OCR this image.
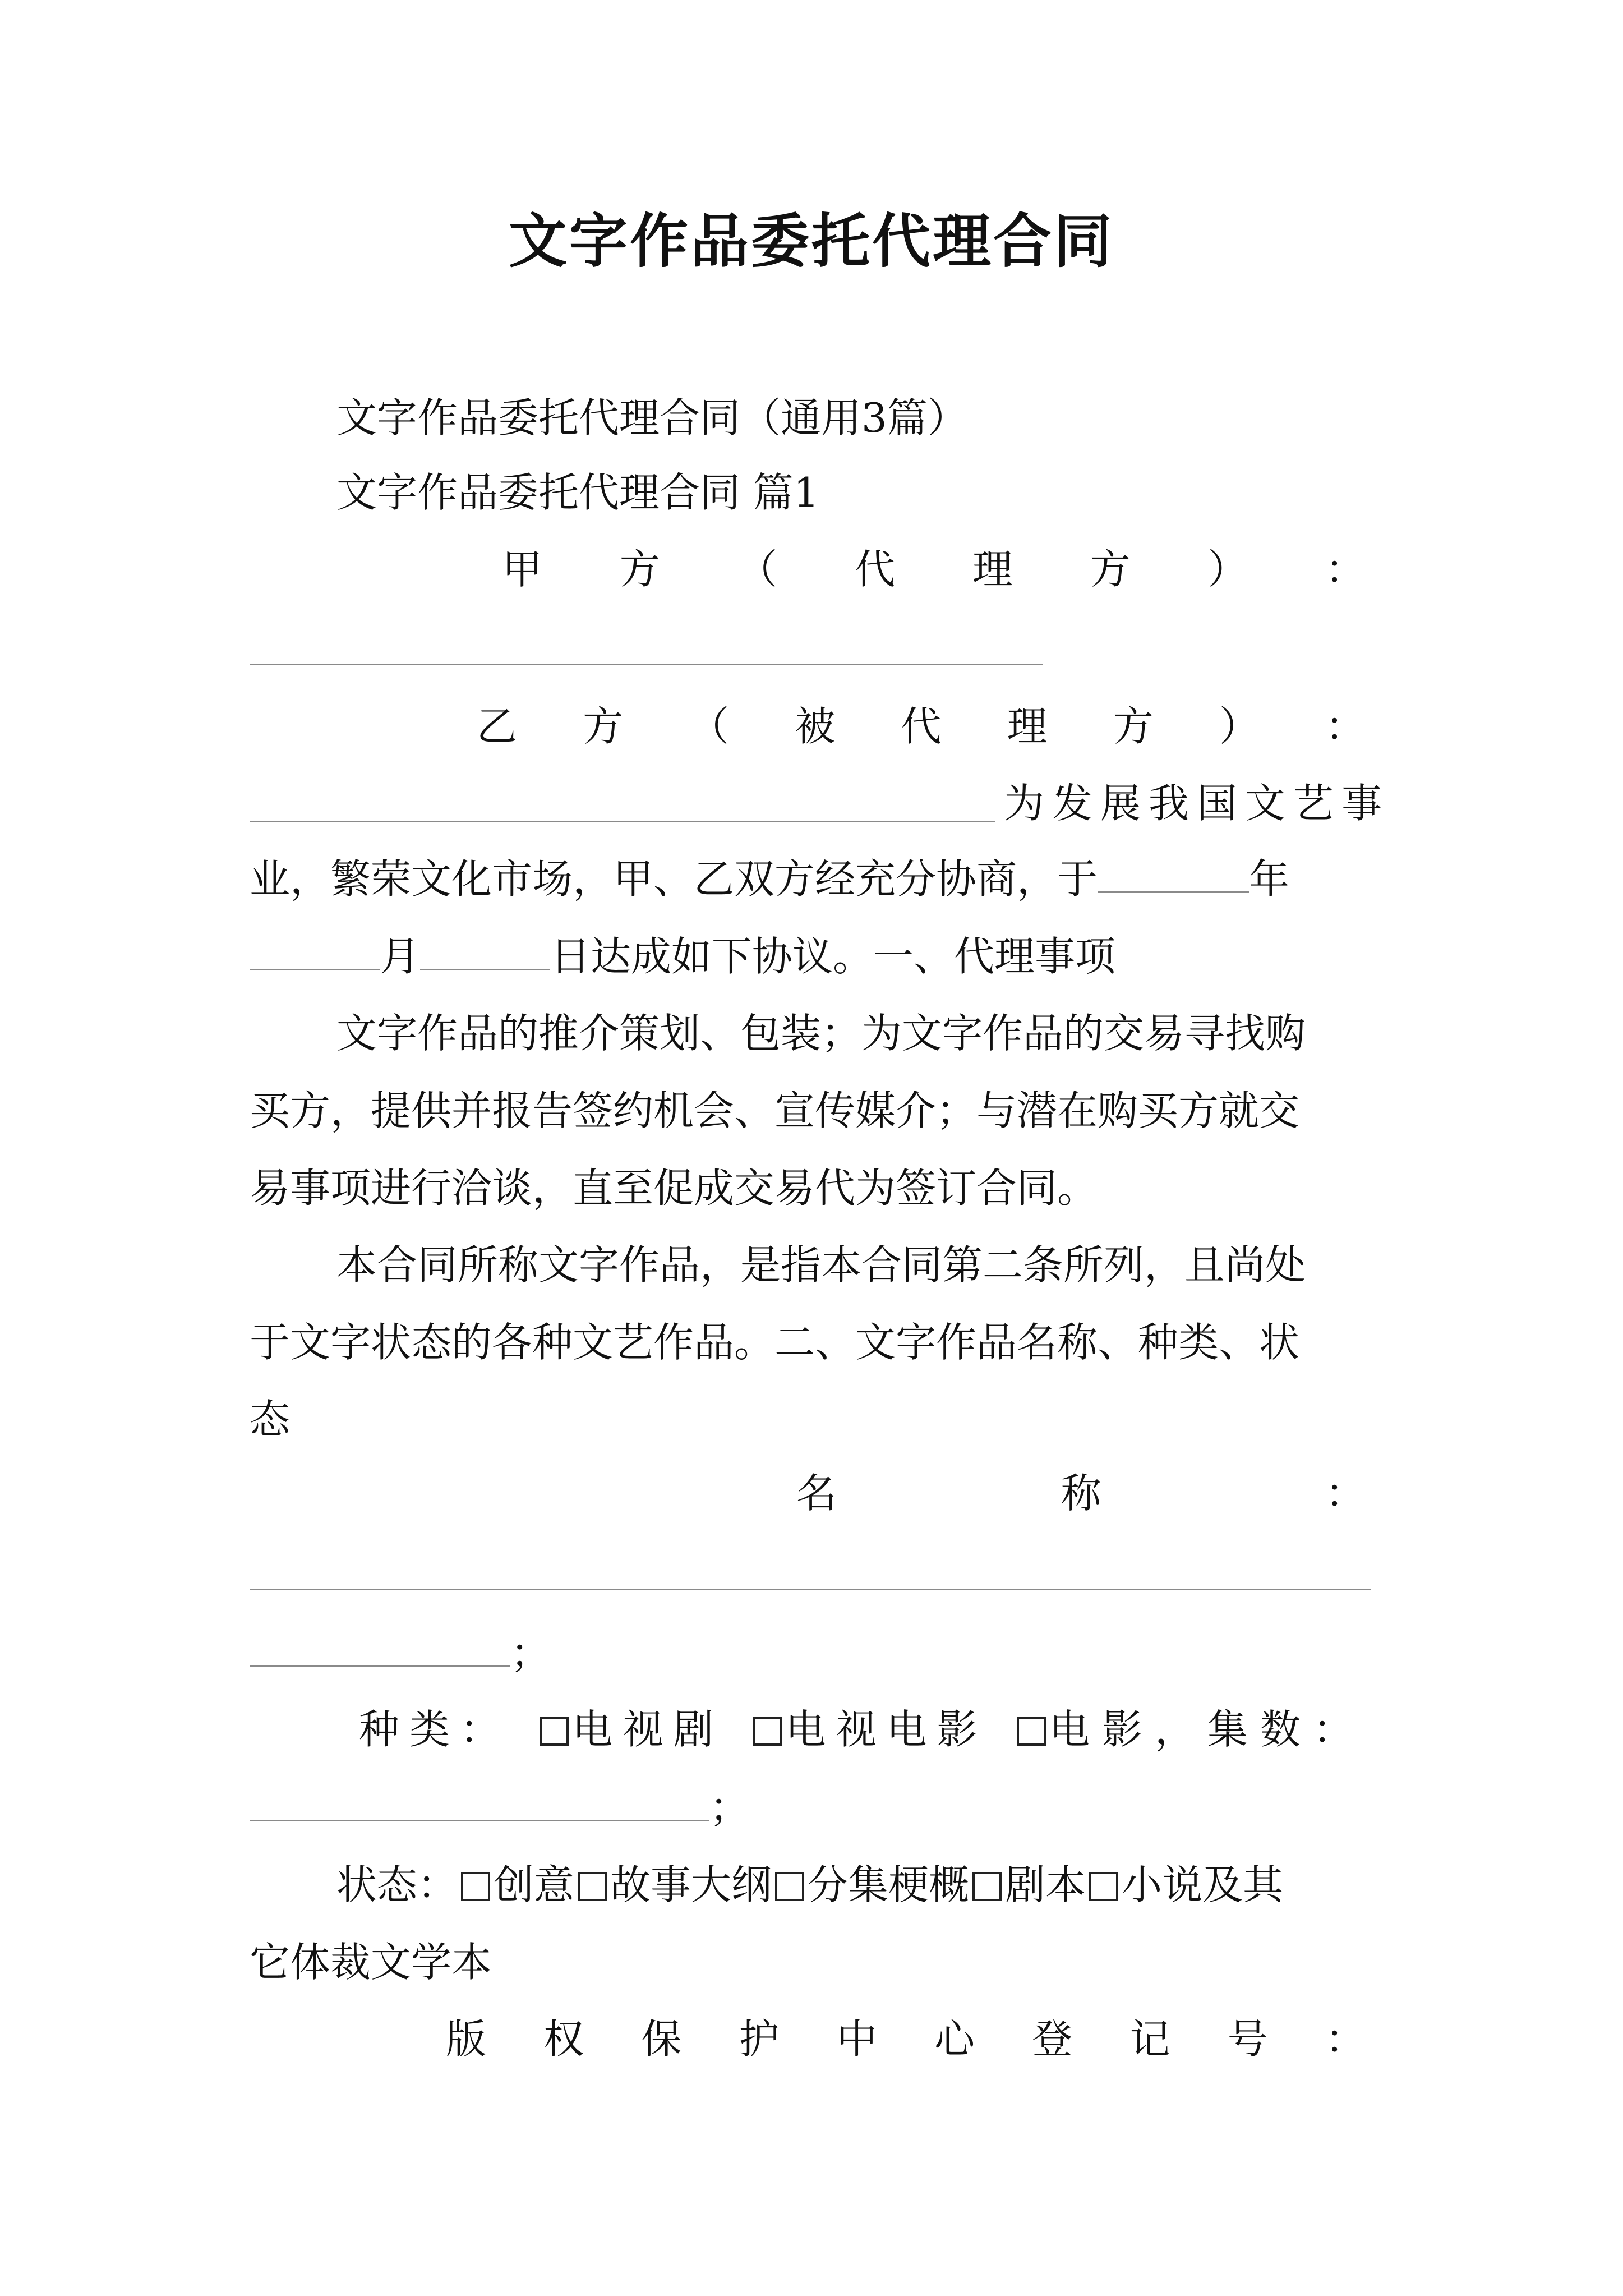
文字作品委托代理合同
文字作品委托代理合同（通用3篇）
文字作品委托代理合同 篇1
甲 方 （ 代 理 方 ） ：
乙 方 （ 被 代 理 方 ） ：
为发展我国文艺事
业，繁荣文化市场，甲、乙双方经充分协商，于	年
月	日达成如下协议。一、代理事项
文字作品的推介策划、包装；为文字作品的交易寻找购
买方，提供并报告签约机会、宣传媒介；与潜在购买方就交
易事项进行洽谈，直至促成交易代为签订合同。
本合同所称文字作品，是指本合同第二条所列，且尚处
于文字状态的各种文艺作品。二、文字作品名称、种类、状
态
名	称	：
；
种类：	电视剧	电视电影	电影，集数：
；
状态： 创意 故事大纲 分集梗概 剧本 小说及其
它体裁文学本
版 权 保 护 中 心 登 记 号 ：
